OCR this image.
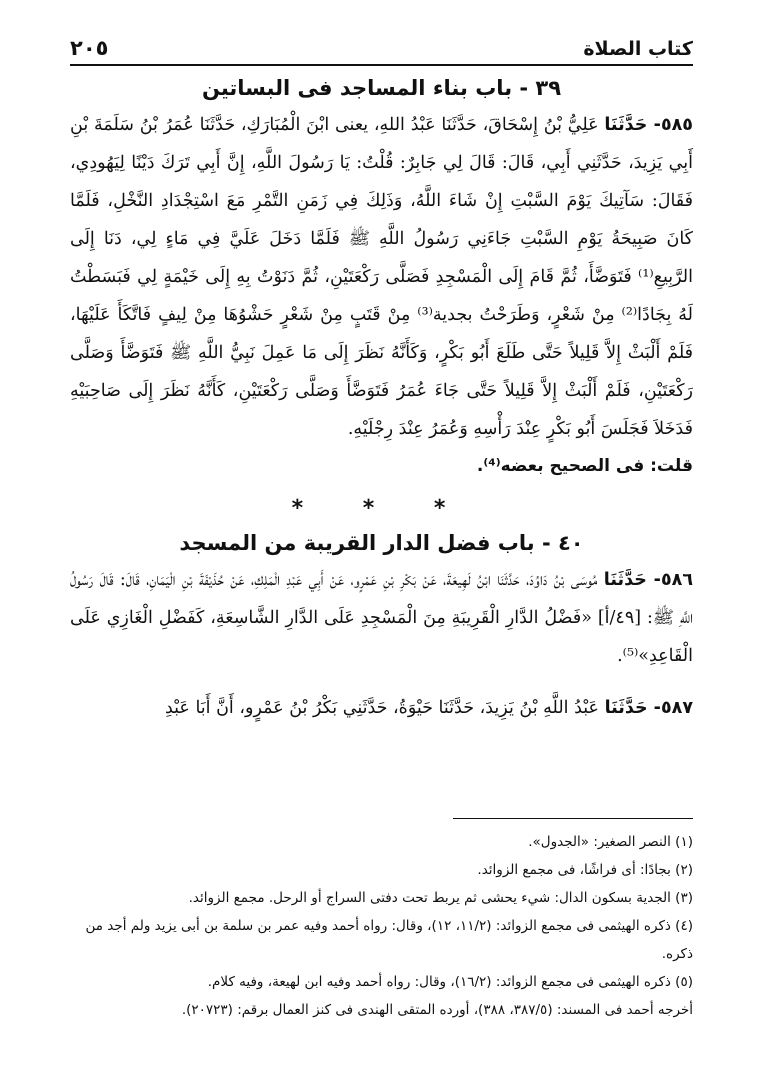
كتاب الصلاة
٢٠٥
٣٩ - باب بناء المساجد فى البساتين

٥٨٥- حَدَّثَنَا عَلِيُّ بْنُ إِسْحَاقَ، حَدَّثَنَا عَبْدُ اللهِ، يعنى ابْنَ الْمُبَارَكِ، حَدَّثَنَا عُمَرُ بْنُ سَلَمَةَ بْنِ أَبِي يَزِيدَ، حَدَّثَنِي أَبِي، قَالَ: قَالَ لِي جَابِرٌ: قُلْتُ: يَا رَسُولَ اللَّهِ، إِنَّ أَبِي تَرَكَ دَيْنًا لِيَهُودِي، فَقَالَ: سَآتِيكَ يَوْمَ السَّبْتِ إِنْ شَاءَ اللَّهُ، وَذَلِكَ فِي زَمَنِ التَّمْرِ مَعَ اسْتِجْدَادِ النَّخْلِ، فَلَمَّا كَانَ صَبِيحَةُ يَوْمِ السَّبْتِ جَاءَنِي رَسُولُ اللَّهِ ﷺ فَلَمَّا دَخَلَ عَلَيَّ فِي مَاءٍ لِي، دَنَا إِلَى الرَّبِيعِ⁽¹⁾ فَتَوَضَّأَ، ثُمَّ قَامَ إِلَى الْمَسْجِدِ فَصَلَّى رَكْعَتَيْنِ، ثُمَّ دَنَوْتُ بِهِ إِلَى خَيْمَةٍ لِي فَبَسَطْتُ لَهُ بِجَادًا⁽²⁾ مِنْ شَعْرٍ، وَطَرَحْتُ بجدية⁽³⁾ مِنْ قَتَبٍ مِنْ شَعْرٍ حَشْوُهَا مِنْ لِيفٍ فَاتَّكَأَ عَلَيْهَا، فَلَمْ أَلْبَثْ إِلاَّ قَلِيلاً حَتَّى طَلَعَ أَبُو بَكْرٍ، وَكَأَنَّهُ نَظَرَ إِلَى مَا عَمِلَ نَبِيُّ اللَّهِ ﷺ فَتَوَضَّأَ وَصَلَّى رَكْعَتَيْنِ، فَلَمْ أَلْبَثْ إِلاَّ قَلِيلاً حَتَّى جَاءَ عُمَرُ فَتَوَضَّأَ وَصَلَّى رَكْعَتَيْنِ، كَأَنَّهُ نَظَرَ إِلَى صَاحِبَيْهِ فَدَخَلاَ فَجَلَسَ أَبُو بَكْرٍ عِنْدَ رَأْسِهِ وَعُمَرُ عِنْدَ رِجْلَيْهِ.

قلت: فى الصحيح بعضه⁽⁴⁾.

* * *
٤٠ - باب فضل الدار القريبة من المسجد

٥٨٦- حَدَّثَنَا مُوسَى بْنُ دَاوُدَ، حَدَّثَنَا ابْنُ لَهِيعَةَ، عَنْ بَكْرِ بْنِ عَمْرٍو، عَنْ أَبِي عَبْدِ الْمَلِكِ، عَنْ حُذَيْفَةَ بْنِ الْيَمَانِ، قَالَ: قَالَ رَسُولُ اللَّهِ ﷺ: [٤٩/أ] «فَضْلُ الدَّارِ الْقَرِيبَةِ مِنَ الْمَسْجِدِ عَلَى الدَّارِ الشَّاسِعَةِ، كَفَضْلِ الْغَازِي عَلَى الْقَاعِدِ»⁽⁵⁾.

٥٨٧- حَدَّثَنَا عَبْدُ اللَّهِ بْنُ يَزِيدَ، حَدَّثَنَا حَيْوَةُ، حَدَّثَنِي بَكْرُ بْنُ عَمْرٍو، أَنَّ أَبَا عَبْدِ

(١) النصر الصغير: «الجدول».

(٢) بجادًا: أى فراشًا، فى مجمع الزوائد.

(٣) الجدية بسكون الدال: شيء يحشى ثم يربط تحت دفتى السراج أو الرحل. مجمع الزوائد.

(٤) ذكره الهيثمى فى مجمع الزوائد: (١١/٢، ١٢)، وقال: رواه أحمد وفيه عمر بن سلمة بن أبى يزيد ولم أجد من ذكره.

(٥) ذكره الهيثمى فى مجمع الزوائد: (١٦/٢)، وقال: رواه أحمد وفيه ابن لهيعة، وفيه كلام.

أخرجه أحمد فى المسند: (٣٨٧/٥، ٣٨٨)، أورده المتقى الهندى فى كنز العمال برقم: (٢٠٧٢٣).
